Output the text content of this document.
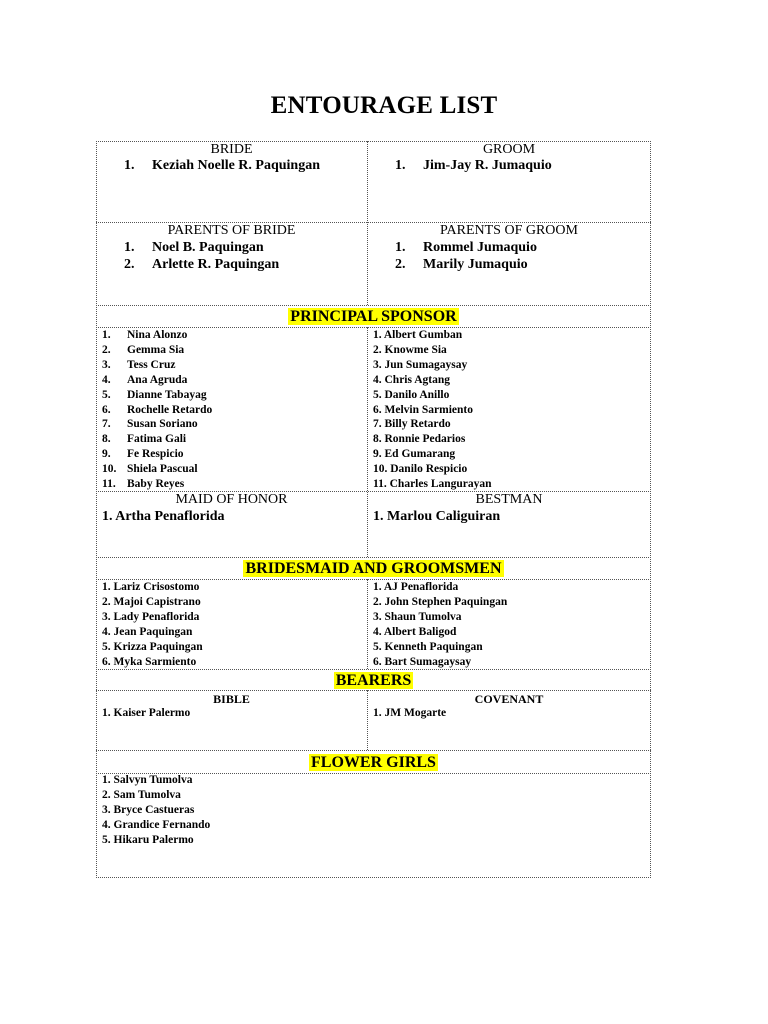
ENTOURAGE LIST
BRIDE
1. Keziah Noelle R. Paquingan
GROOM
1. Jim-Jay R. Jumaquio
PARENTS OF BRIDE
1. Noel B. Paquingan
2. Arlette R. Paquingan
PARENTS OF GROOM
1. Rommel Jumaquio
2. Marily Jumaquio
PRINCIPAL SPONSOR
1. Nina Alonzo
2. Gemma Sia
3. Tess Cruz
4. Ana Agruda
5. Dianne Tabayag
6. Rochelle Retardo
7. Susan Soriano
8. Fatima Gali
9. Fe Respicio
10. Shiela Pascual
11. Baby Reyes
1. Albert Gumban
2. Knowme Sia
3. Jun Sumagaysay
4. Chris Agtang
5. Danilo Anillo
6. Melvin Sarmiento
7. Billy Retardo
8. Ronnie Pedarios
9. Ed Gumarang
10. Danilo Respicio
11. Charles Langurayan
MAID OF HONOR
1. Artha Penaflorida
BESTMAN
1. Marlou Caliguiran
BRIDESMAID AND GROOMSMEN
1. Lariz Crisostomo
2. Majoi Capistrano
3. Lady Penaflorida
4. Jean Paquingan
5. Krizza Paquingan
6. Myka Sarmiento
1. AJ Penaflorida
2. John Stephen Paquingan
3. Shaun Tumolva
4. Albert Baligod
5. Kenneth Paquingan
6. Bart Sumagaysay
BEARERS
BIBLE
1. Kaiser Palermo
COVENANT
1. JM Mogarte
FLOWER GIRLS
1. Salvyn Tumolva
2. Sam Tumolva
3. Bryce Castueras
4. Grandice Fernando
5. Hikaru Palermo
